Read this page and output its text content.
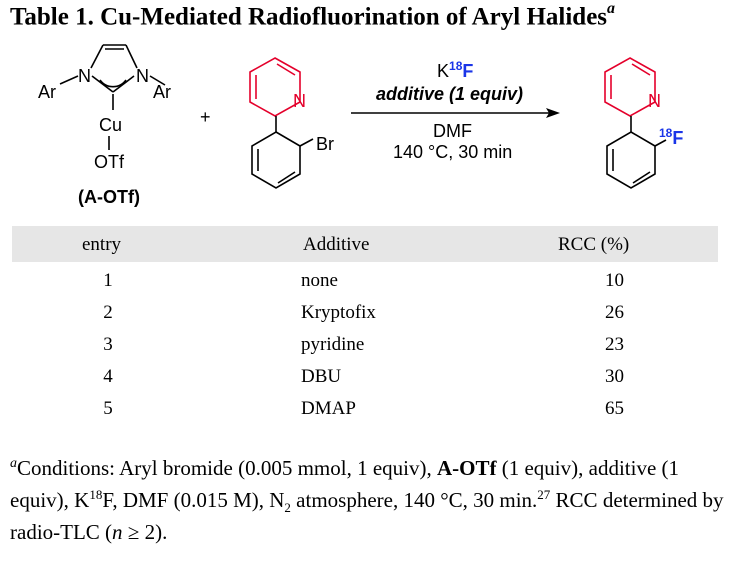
Table 1. Cu-Mediated Radiofluorination of Aryl Halides$^a$
Ar
N	N
Ar
Cu
OTf
(A-OTf)
+
N
Br
$K^{18}F$
additive (1 equiv)
DMF
140 °C, 30 min
N
$^{18}$F
entry	Additive	RCC (%)
1	none	10
2	Kryptofix	26
3	pyridine	23
4	DBU	30
5	DMAP	65
$^a$Conditions: Aryl bromide (0.005 mmol, 1 equiv), A-OTf (1 equiv), additive (1 equiv), $K^{18}F$, DMF (0.015 M), $N_2$ atmosphere, 140 °C, 30 min.$^{27}$ RCC determined by radio-TLC (n ≥ 2).
